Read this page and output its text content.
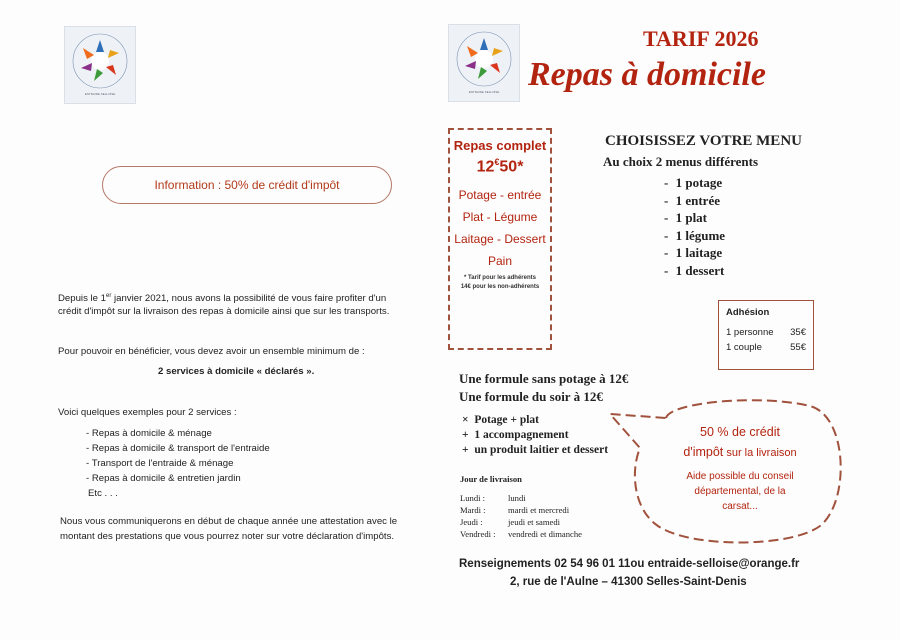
ENTRAIDE SELLOISE
Information : 50% de crédit d'impôt
Depuis le 1er janvier 2021, nous avons la possibilité de vous faire profiter d'un
crédit d'impôt sur la livraison des repas à domicile ainsi que sur les transports.
Pour pouvoir en bénéficier, vous devez avoir un ensemble minimum de :
2 services à domicile « déclarés ».
Voici quelques exemples pour 2 services :
- Repas à domicile & ménage
- Repas à domicile & transport de l'entraide
- Transport de l'entraide & ménage
- Repas à domicile & entretien jardin
Etc . . .
Nous vous communiquerons en début de chaque année une attestation avec le
montant des prestations que vous pourrez noter sur votre déclaration d'impôts.
ENTRAIDE SELLOISE
TARIF 2026
Repas à domicile
Repas complet
12€50*
Potage - entrée
Plat - Légume
Laitage - Dessert
Pain
* Tarif pour les adhérents
14€ pour les non-adhérents
CHOISISSEZ VOTRE MENU
Au choix 2 menus différents
- 1 potage
- 1 entrée
- 1 plat
- 1 légume
- 1 laitage
- 1 dessert
Adhésion
1 personne 35€
1 couple	55€
Une formule sans potage à 12€
Une formule du soir à 12€
× Potage + plat
+ 1 accompagnement
+ un produit laitier et dessert
Jour de livraison
Lundi :	lundi
Mardi :	mardi et mercredi
Jeudi :	jeudi et samedi
Vendredi :	vendredi et dimanche
50 % de crédit
d'impôt sur la livraison
Aide possible du conseil
départemental, de la
carsat...
Renseignements 02 54 96 01 11ou entraide-selloise@orange.fr
2, rue de l'Aulne – 41300 Selles-Saint-Denis
